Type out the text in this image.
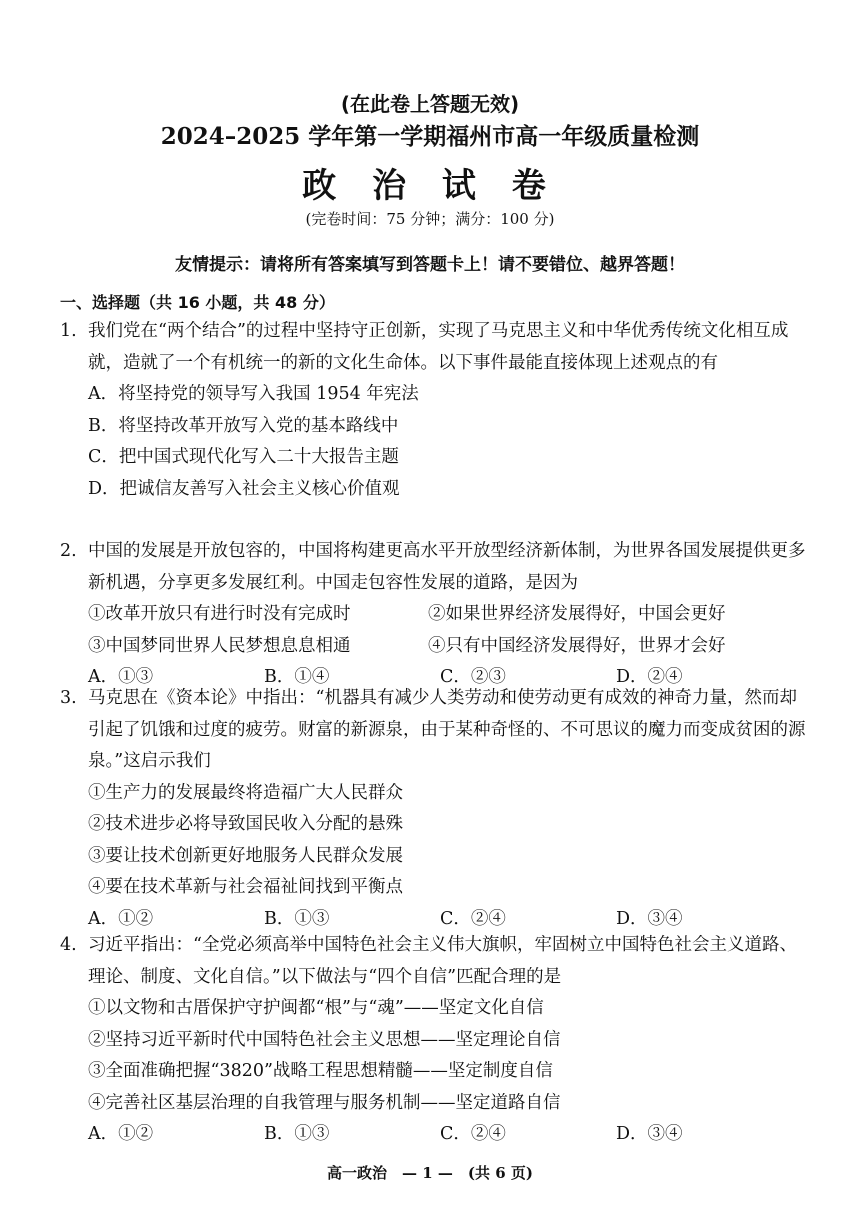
(在此卷上答题无效)
2024–2025 学年第一学期福州市高一年级质量检测
政 治 试 卷
(完卷时间：75 分钟；满分：100 分)
友情提示：请将所有答案填写到答题卡上！请不要错位、越界答题！
一、选择题（共 16 小题，共 48 分）
1. 我们党在“两个结合”的过程中坚持守正创新，实现了马克思主义和中华优秀传统文化相互成就，造就了一个有机统一的新的文化生命体。以下事件最能直接体现上述观点的有
A．将坚持党的领导写入我国 1954 年宪法
B．将坚持改革开放写入党的基本路线中
C．把中国式现代化写入二十大报告主题
D．把诚信友善写入社会主义核心价值观
2. 中国的发展是开放包容的，中国将构建更高水平开放型经济新体制，为世界各国发展提供更多新机遇，分享更多发展红利。中国走包容性发展的道路，是因为
①改革开放只有进行时没有完成时	②如果世界经济发展得好，中国会更好
③中国梦同世界人民梦想息息相通	④只有中国经济发展得好，世界才会好
A．①③	B．①④	C．②③	D．②④
3. 马克思在《资本论》中指出：“机器具有减少人类劳动和使劳动更有成效的神奇力量，然而却引起了饥饿和过度的疲劳。财富的新源泉，由于某种奇怪的、不可思议的魔力而变成贫困的源泉。”这启示我们
①生产力的发展最终将造福广大人民群众
②技术进步必将导致国民收入分配的悬殊
③要让技术创新更好地服务人民群众发展
④要在技术革新与社会福祉间找到平衡点
A．①②	B．①③	C．②④	D．③④
4. 习近平指出：“全党必须高举中国特色社会主义伟大旗帜，牢固树立中国特色社会主义道路、理论、制度、文化自信。”以下做法与“四个自信”匹配合理的是
①以文物和古厝保护守护闽都“根”与“魂”——坚定文化自信
②坚持习近平新时代中国特色社会主义思想——坚定理论自信
③全面准确把握“3820”战略工程思想精髓——坚定制度自信
④完善社区基层治理的自我管理与服务机制——坚定道路自信
A．①②	B．①③	C．②④	D．③④
高一政治　— 1 —　(共 6 页)
